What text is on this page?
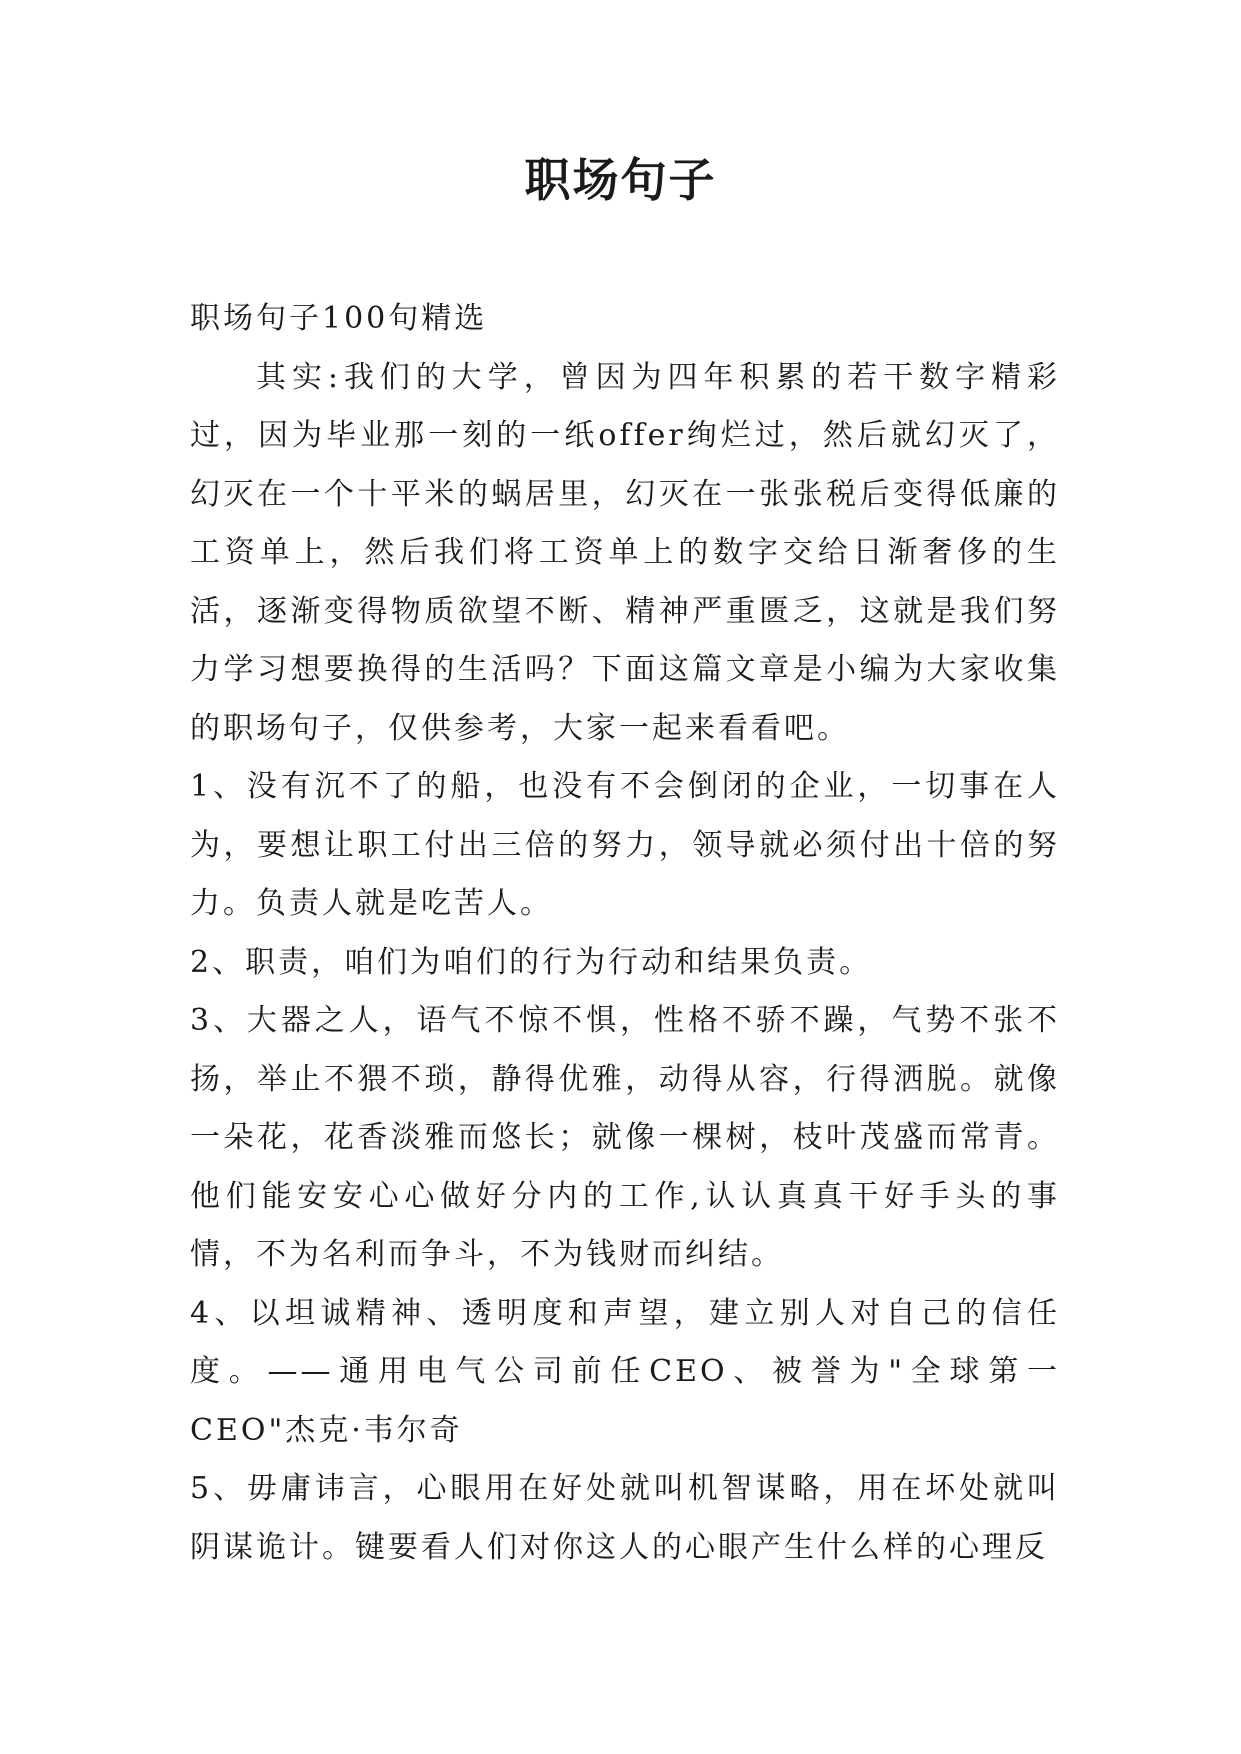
职场句子

职场句子100句精选

其实:我们的大学，曾因为四年积累的若干数字精彩过，因为毕业那一刻的一纸offer绚烂过，然后就幻灭了，幻灭在一个十平米的蜗居里，幻灭在一张张税后变得低廉的工资单上，然后我们将工资单上的数字交给日渐奢侈的生活，逐渐变得物质欲望不断、精神严重匮乏，这就是我们努力学习想要换得的生活吗？下面这篇文章是小编为大家收集的职场句子，仅供参考，大家一起来看看吧。

1、没有沉不了的船，也没有不会倒闭的企业，一切事在人为，要想让职工付出三倍的努力，领导就必须付出十倍的努力。负责人就是吃苦人。

2、职责，咱们为咱们的行为行动和结果负责。

3、大器之人，语气不惊不惧，性格不骄不躁，气势不张不扬，举止不猥不琐，静得优雅，动得从容，行得洒脱。就像一朵花，花香淡雅而悠长；就像一棵树，枝叶茂盛而常青。他们能安安心心做好分内的工作,认认真真干好手头的事情，不为名利而争斗，不为钱财而纠结。

4、以坦诚精神、透明度和声望，建立别人对自己的信任度。——通用电气公司前任CEO、被誉为"全球第一CEO"杰克·韦尔奇

5、毋庸讳言，心眼用在好处就叫机智谋略，用在坏处就叫阴谋诡计。键要看人们对你这人的心眼产生什么样的心理反
